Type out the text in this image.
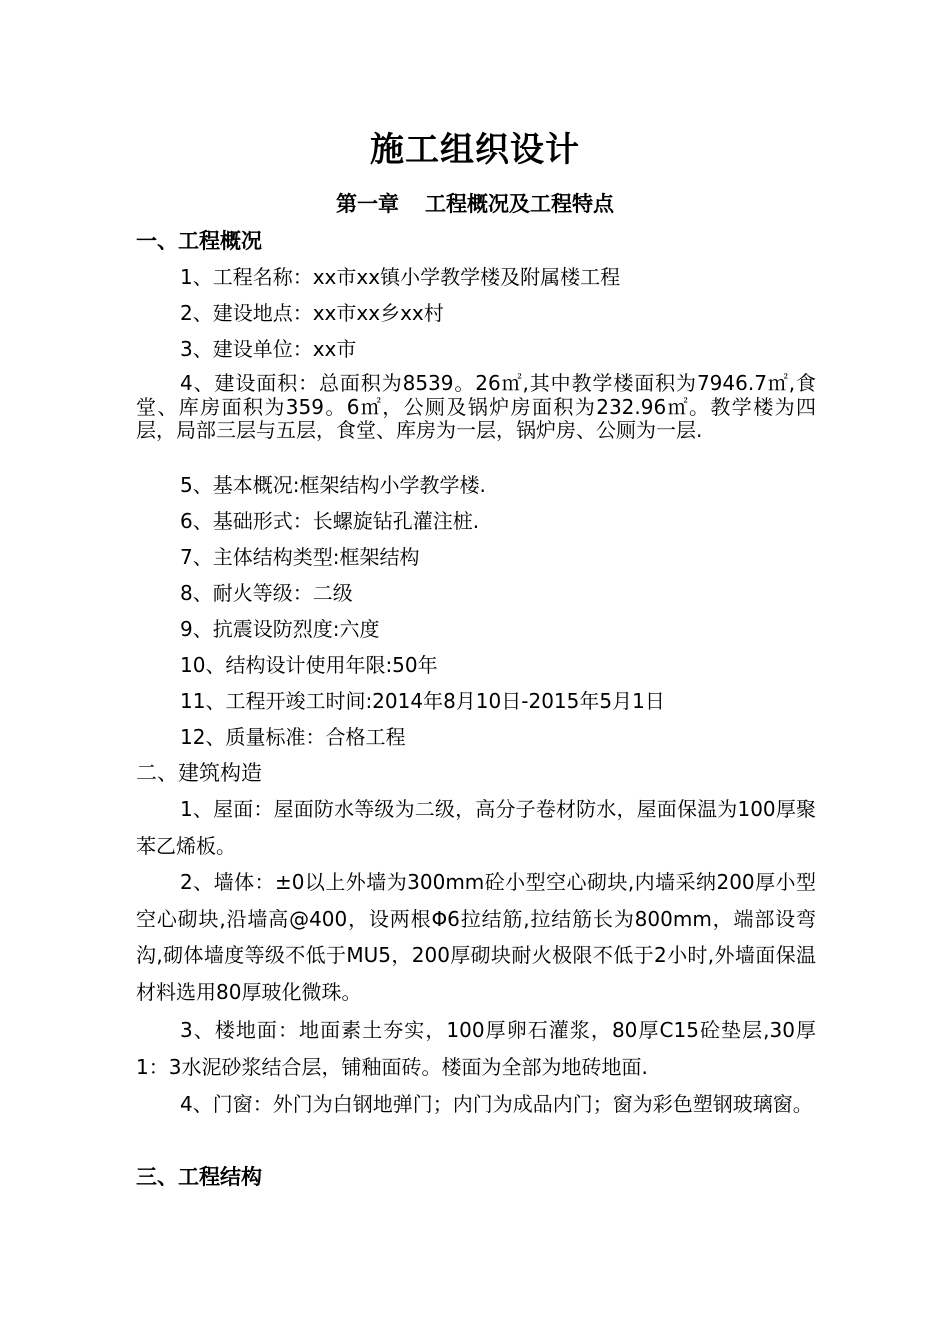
施工组织设计
第一章 工程概况及工程特点
一、工程概况
1、工程名称：xx市xx镇小学教学楼及附属楼工程
2、建设地点：xx市xx乡xx村
3、建设单位：xx市
4、建设面积：总面积为8539。26㎡,其中教学楼面积为7946.7㎡,食堂、库房面积为359。6㎡，公厕及锅炉房面积为232.96㎡。教学楼为四层，局部三层与五层，食堂、库房为一层，锅炉房、公厕为一层.
5、基本概况:框架结构小学教学楼.
6、基础形式：长螺旋钻孔灌注桩.
7、主体结构类型:框架结构
8、耐火等级：二级
9、抗震设防烈度:六度
10、结构设计使用年限:50年
11、工程开竣工时间:2014年8月10日-2015年5月1日
12、质量标准：合格工程
二、建筑构造
1、屋面：屋面防水等级为二级，高分子卷材防水，屋面保温为100厚聚苯乙烯板。
2、墙体：±0以上外墙为300mm砼小型空心砌块,内墙采纳200厚小型空心砌块,沿墙高@400，设两根Φ6拉结筋,拉结筋长为800mm，端部设弯沟,砌体墙度等级不低于MU5，200厚砌块耐火极限不低于2小时,外墙面保温材料选用80厚玻化微珠。
3、楼地面：地面素土夯实，100厚卵石灌浆，80厚C15砼垫层,30厚1：3水泥砂浆结合层，铺釉面砖。楼面为全部为地砖地面.
4、门窗：外门为白钢地弹门；内门为成品内门；窗为彩色塑钢玻璃窗。
三、工程结构
